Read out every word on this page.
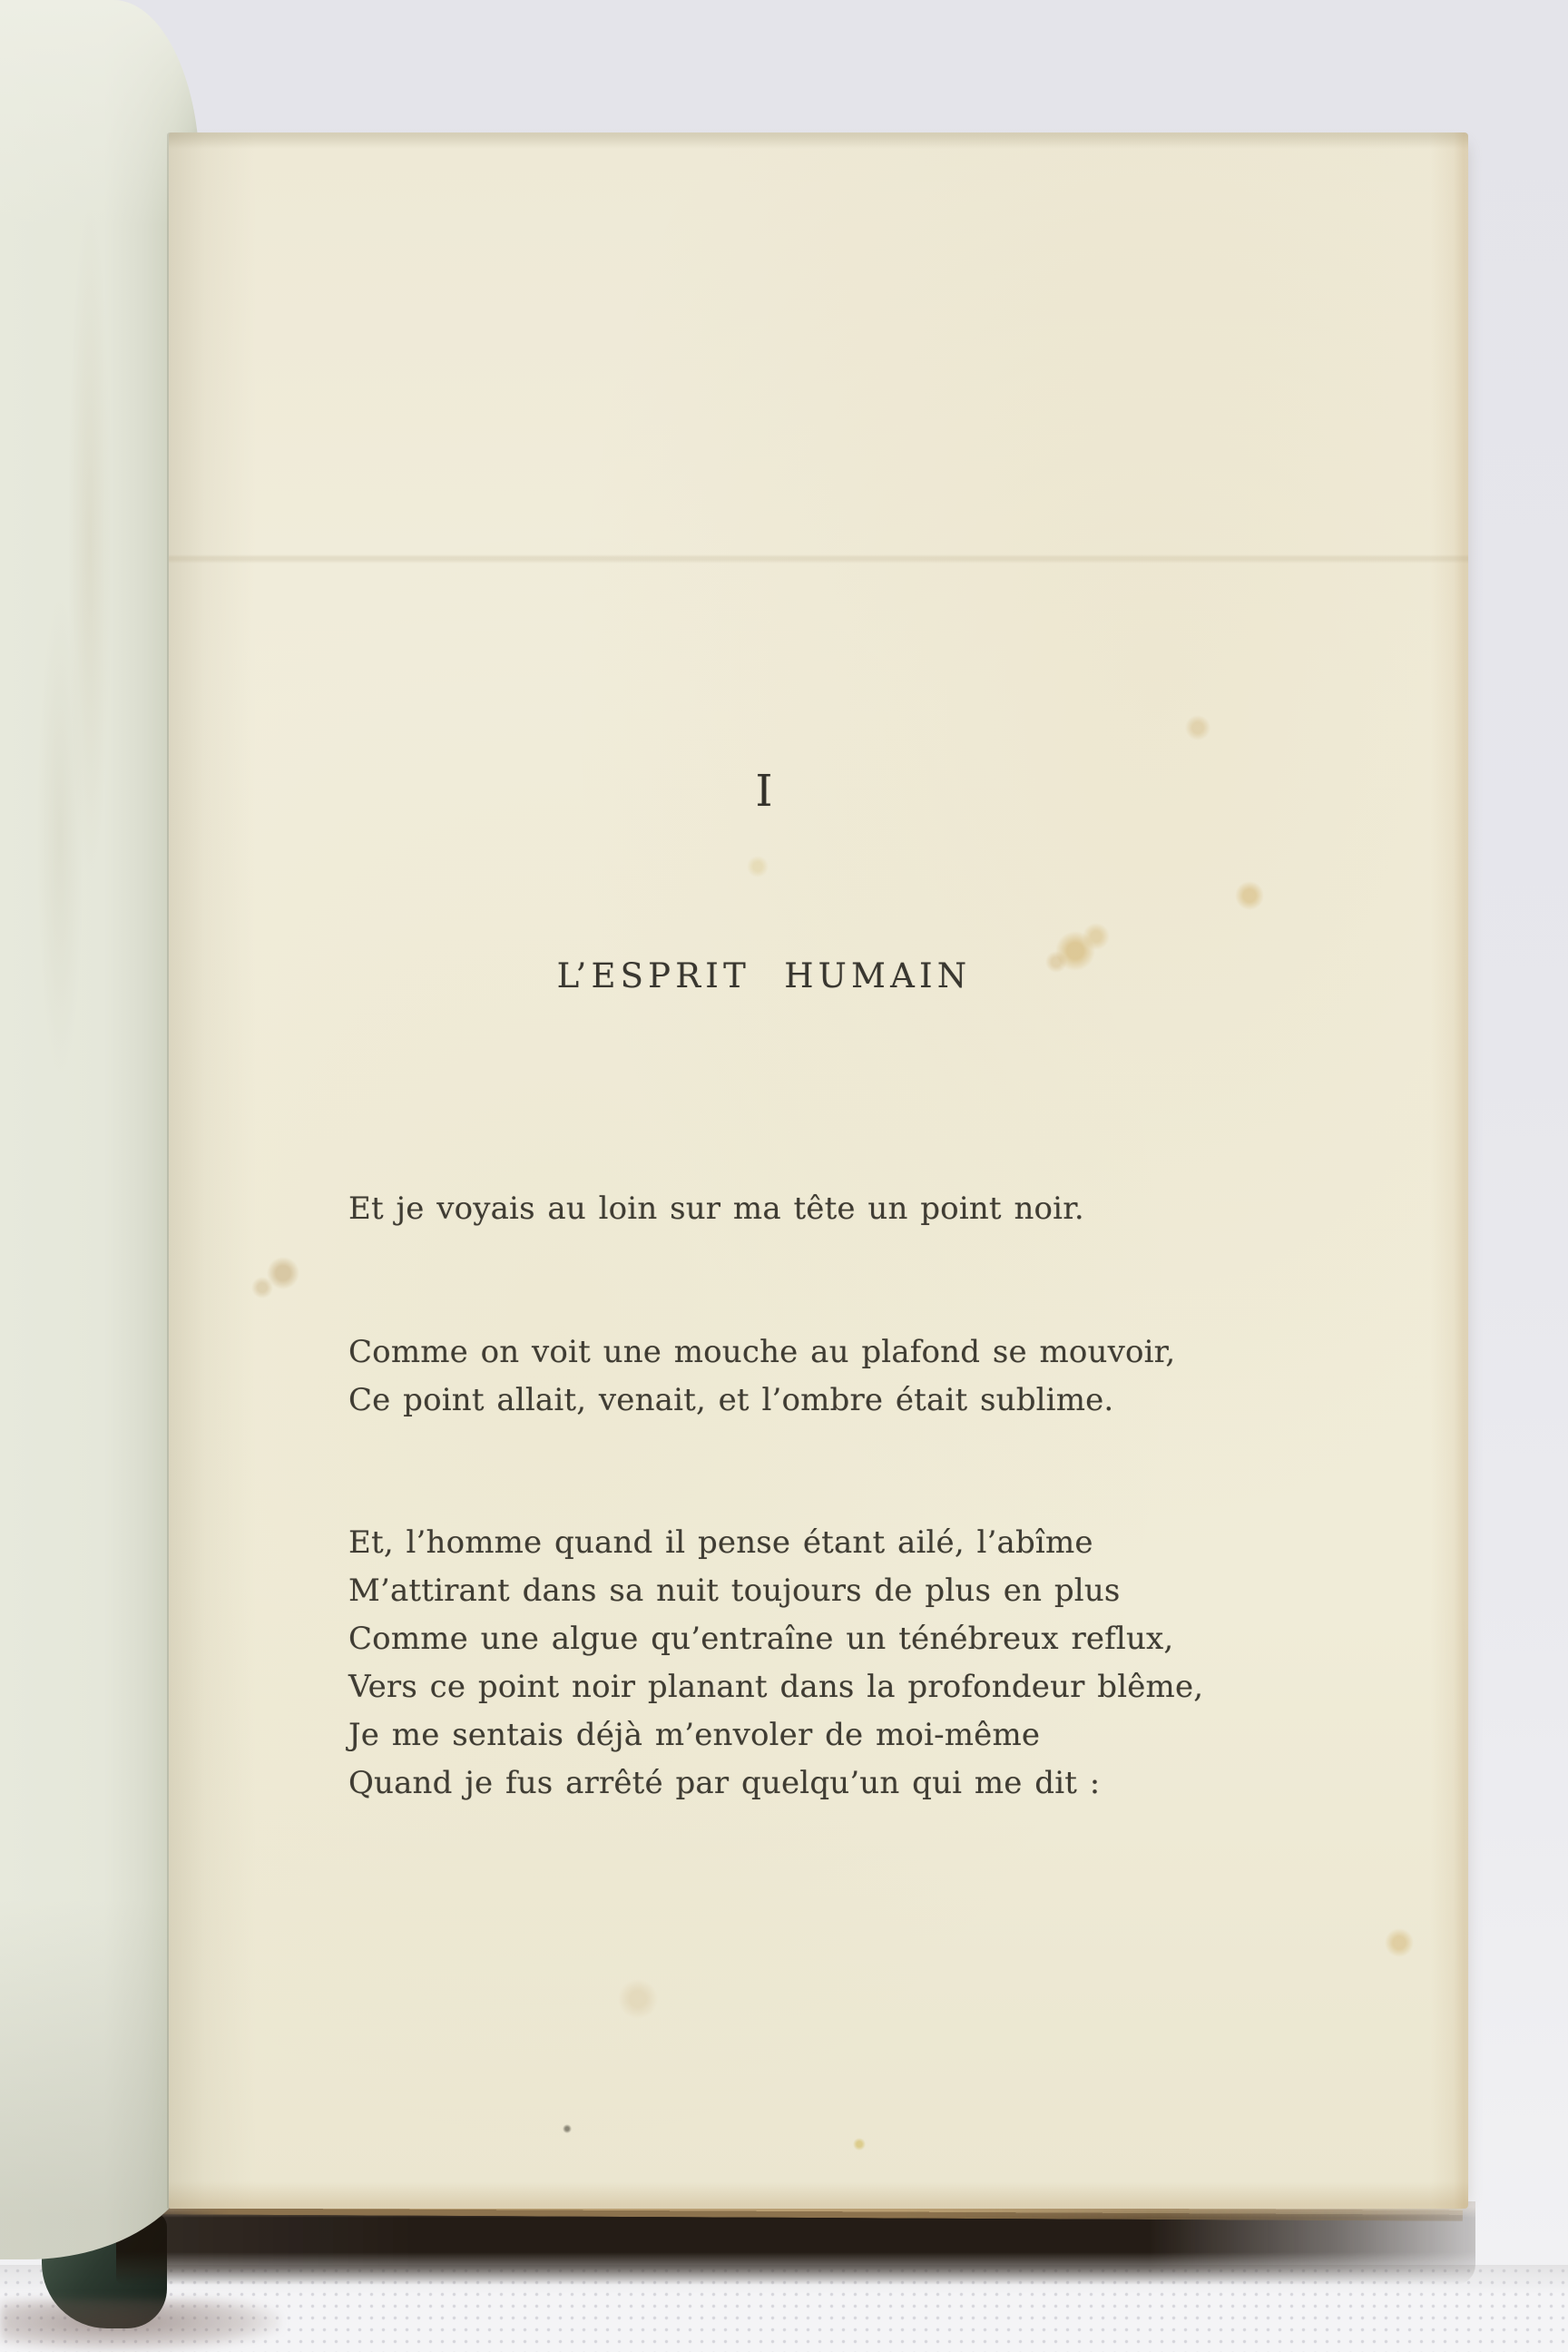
I
L’ESPRIT HUMAIN
Et je voyais au loin sur ma tête un point noir.
Comme on voit une mouche au plafond se mouvoir,
Ce point allait, venait, et l’ombre était sublime.
Et, l’homme quand il pense étant ailé, l’abîme
M’attirant dans sa nuit toujours de plus en plus
Comme une algue qu’entraîne un ténébreux reflux,
Vers ce point noir planant dans la profondeur blême,
Je me sentais déjà m’envoler de moi-même
Quand je fus arrêté par quelqu’un qui me dit :
